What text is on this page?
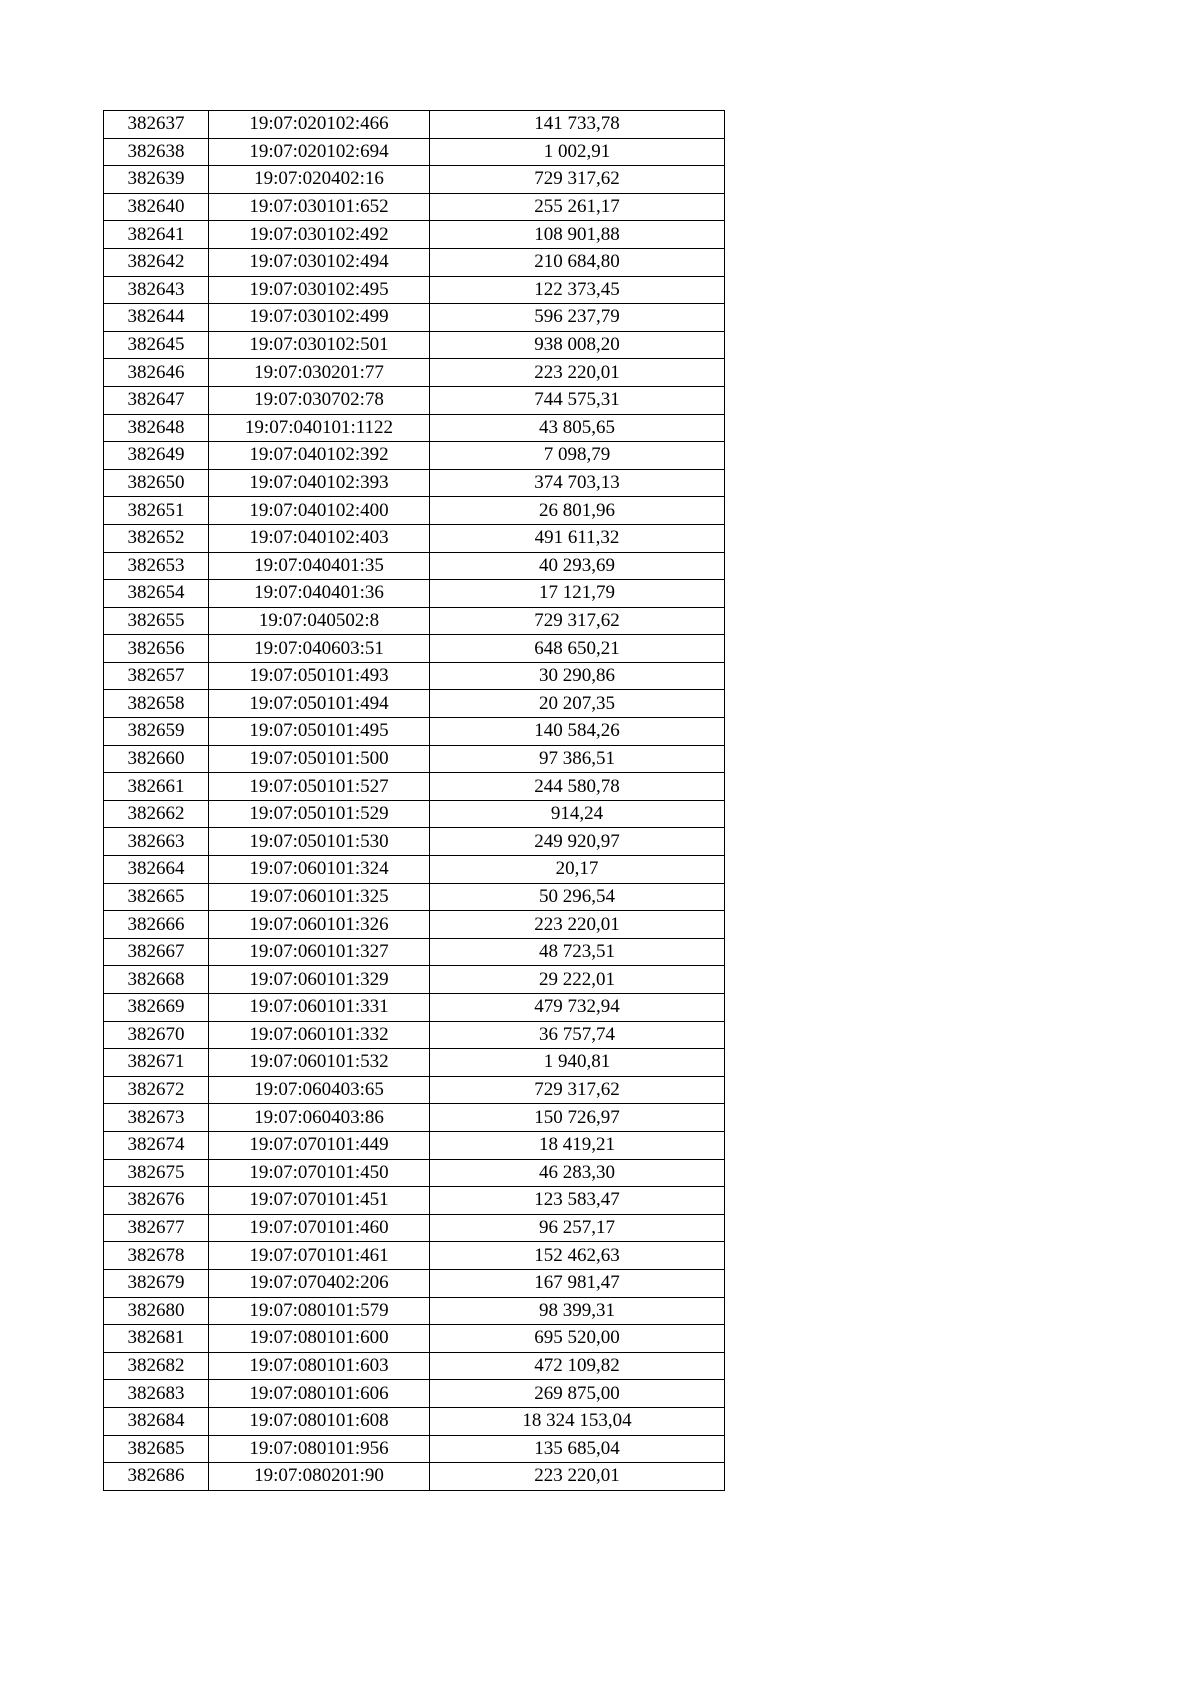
382637	19:07:020102:466	141 733,78
382638	19:07:020102:694	1 002,91
382639	19:07:020402:16	729 317,62
382640	19:07:030101:652	255 261,17
382641	19:07:030102:492	108 901,88
382642	19:07:030102:494	210 684,80
382643	19:07:030102:495	122 373,45
382644	19:07:030102:499	596 237,79
382645	19:07:030102:501	938 008,20
382646	19:07:030201:77	223 220,01
382647	19:07:030702:78	744 575,31
382648	19:07:040101:1122	43 805,65
382649	19:07:040102:392	7 098,79
382650	19:07:040102:393	374 703,13
382651	19:07:040102:400	26 801,96
382652	19:07:040102:403	491 611,32
382653	19:07:040401:35	40 293,69
382654	19:07:040401:36	17 121,79
382655	19:07:040502:8	729 317,62
382656	19:07:040603:51	648 650,21
382657	19:07:050101:493	30 290,86
382658	19:07:050101:494	20 207,35
382659	19:07:050101:495	140 584,26
382660	19:07:050101:500	97 386,51
382661	19:07:050101:527	244 580,78
382662	19:07:050101:529	914,24
382663	19:07:050101:530	249 920,97
382664	19:07:060101:324	20,17
382665	19:07:060101:325	50 296,54
382666	19:07:060101:326	223 220,01
382667	19:07:060101:327	48 723,51
382668	19:07:060101:329	29 222,01
382669	19:07:060101:331	479 732,94
382670	19:07:060101:332	36 757,74
382671	19:07:060101:532	1 940,81
382672	19:07:060403:65	729 317,62
382673	19:07:060403:86	150 726,97
382674	19:07:070101:449	18 419,21
382675	19:07:070101:450	46 283,30
382676	19:07:070101:451	123 583,47
382677	19:07:070101:460	96 257,17
382678	19:07:070101:461	152 462,63
382679	19:07:070402:206	167 981,47
382680	19:07:080101:579	98 399,31
382681	19:07:080101:600	695 520,00
382682	19:07:080101:603	472 109,82
382683	19:07:080101:606	269 875,00
382684	19:07:080101:608	18 324 153,04
382685	19:07:080101:956	135 685,04
382686	19:07:080201:90	223 220,01
